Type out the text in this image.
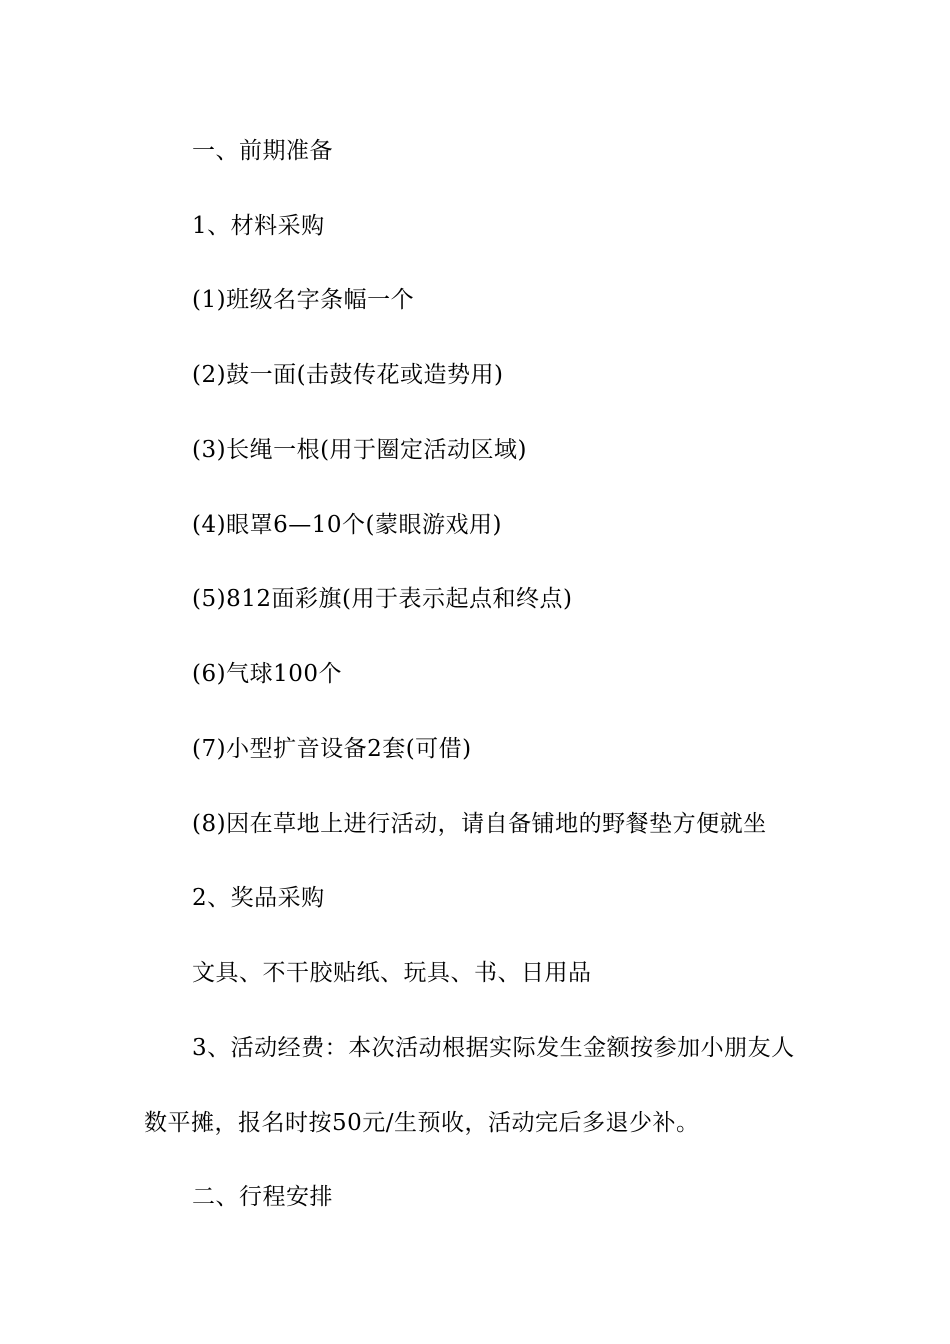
一、前期准备
1、材料采购
(1)班级名字条幅一个
(2)鼓一面(击鼓传花或造势用)
(3)长绳一根(用于圈定活动区域)
(4)眼罩6—10个(蒙眼游戏用)
(5)812面彩旗(用于表示起点和终点)
(6)气球100个
(7)小型扩音设备2套(可借)
(8)因在草地上进行活动，请自备铺地的野餐垫方便就坐
2、奖品采购
文具、不干胶贴纸、玩具、书、日用品
3、活动经费：本次活动根据实际发生金额按参加小朋友人
数平摊，报名时按50元/生预收，活动完后多退少补。
二、行程安排
